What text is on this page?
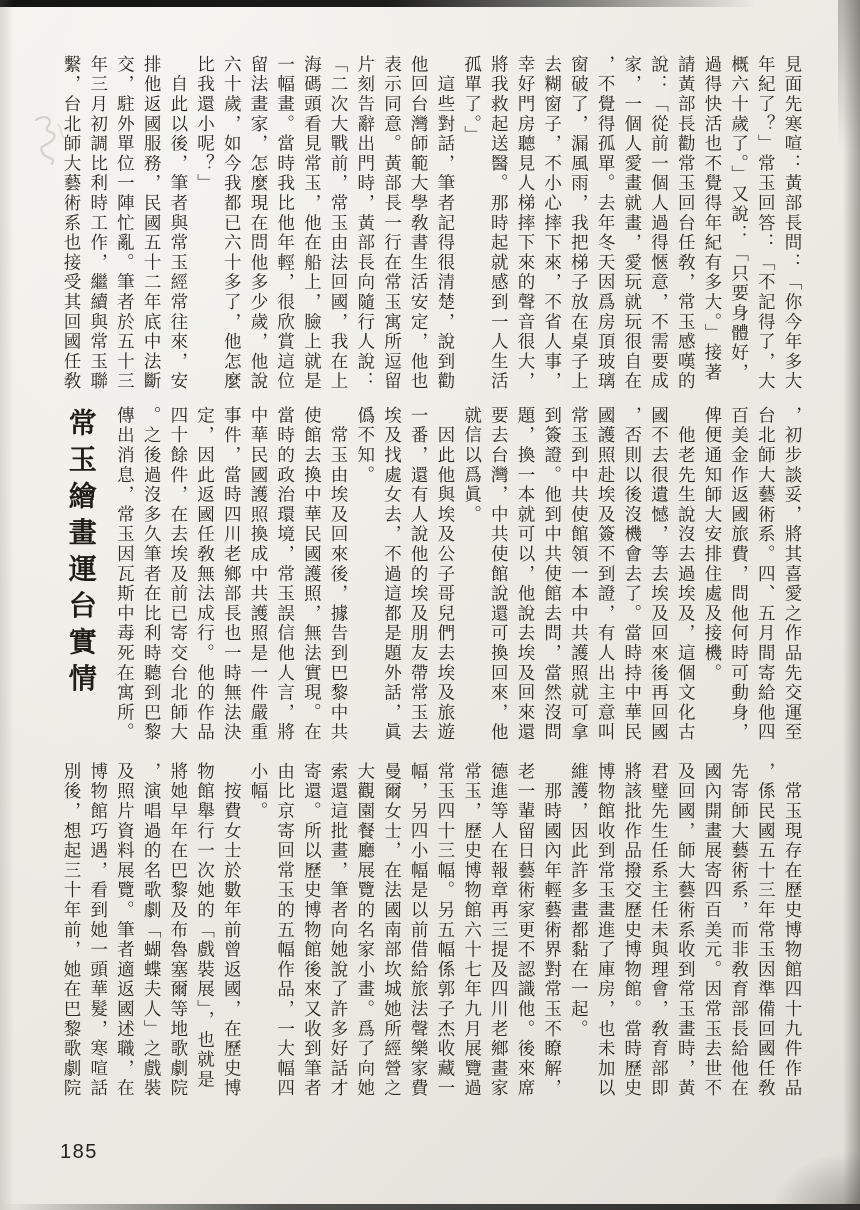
見面先寒喧：黃部長問：「你今年多大
年紀了？」常玉回答：「不記得了，大
概六十歲了。」又說：「只要身體好，
過得快活也不覺得年紀有多大。」接著
請黃部長勸常玉回台任敎，常玉感嘆的
說：「從前一個人過得愜意，不需要成
家，一個人愛畫就畫，愛玩就玩很自在
，不覺得孤單。去年冬天因爲房頂玻璃
窗破了，漏風雨，我把梯子放在桌子上
去糊窗子，不小心摔下來，不省人事，
幸好門房聽見人梯摔下來的聲音很大，
將我救起送醫。那時起就感到一人生活
孤單了。」
　這些對話，筆者記得很清楚，說到勸
他回台灣師範大學敎書生活安定，他也
表示同意。黃部長一行在常玉寓所逗留
片刻告辭出門時，黃部長向隨行人說：
「二次大戰前，常玉由法回國，我在上
海碼頭看見常玉，他在船上，臉上就是
一幅畫。當時我比他年輕，很欣賞這位
留法畫家，怎麼現在問他多少歲，他說
六十歲，如今我都已六十多了，他怎麼
比我還小呢？」
　自此以後，筆者與常玉經常往來，安
排他返國服務，民國五十二年底中法斷
交，駐外單位一陣忙亂。筆者於五十三
年三月初調比利時工作，繼續與常玉聯
繫，台北師大藝術系也接受其回國任敎
，初步談妥，將其喜愛之作品先交運至
台北師大藝術系。四、五月間寄給他四
百美金作返國旅費，問他何時可動身，
俾便通知師大安排住處及接機。
　他老先生說沒去過埃及，這個文化古
國不去很遺憾，等去埃及回來後再回國
，否則以後沒機會去了。當時持中華民
國護照赴埃及簽不到證，有人出主意叫
常玉到中共使館領一本中共護照就可拿
到簽證。他到中共使館去問，當然沒問
題，換一本就可以，他說去埃及回來還
要去台灣，中共使館說還可換回來，他
就信以爲眞。
　因此他與埃及公子哥兒們去埃及旅遊
一番，還有人說他的埃及朋友帶常玉去
埃及找處女去，不過這都是題外話，眞
僞不知。
　常玉由埃及回來後，據告到巴黎中共
使館去換中華民國護照，無法實現。在
當時的政治環境，常玉誤信他人言，將
中華民國護照換成中共護照是一件嚴重
事件，當時四川老鄉部長也一時無法決
定，因此返國任敎無法成行。他的作品
四十餘件，在去埃及前已寄交台北師大
。之後過沒多久筆者在比利時聽到巴黎
傳出消息，常玉因瓦斯中毒死在寓所。
常玉繪畫運台實情
　常玉現存在歷史博物館四十九件作品
，係民國五十三年常玉因準備回國任敎
先寄師大藝術系，而非敎育部長給他在
國內開畫展寄四百美元。因常玉去世不
及回國，師大藝術系收到常玉畫時，黃
君璧先生任系主任未與理會，敎育部即
將該批作品撥交歷史博物館。當時歷史
博物館收到常玉畫進了庫房，也未加以
維護，因此許多畫都黏在一起。
　那時國內年輕藝術界對常玉不瞭解，
老一輩留日藝術家更不認識他。後來席
德進等人在報章再三提及四川老鄉畫家
常玉，歷史博物館六十七年九月展覽過
常玉四十三幅。另五幅係郭子杰收藏一
幅，另四小幅是以前借給旅法聲樂家費
曼爾女士，在法國南部坎城她所經營之
大觀園餐廳展覽的名家小畫。爲了向她
索還這批畫，筆者向她說了許多好話才
寄還。所以歷史博物館後來又收到筆者
由比京寄回常玉的五幅作品，一大幅四
小幅。
　按費女士於數年前曾返國，在歷史博
物館舉行一次她的「戲裝展」，也就是
將她早年在巴黎及布魯塞爾等地歌劇院
，演唱過的名歌劇「蝴蝶夫人」之戲裝
及照片資料展覽。筆者適返國述職，在
博物館巧遇，看到她一頭華髮，寒喧話
別後，想起三十年前，她在巴黎歌劇院
185
